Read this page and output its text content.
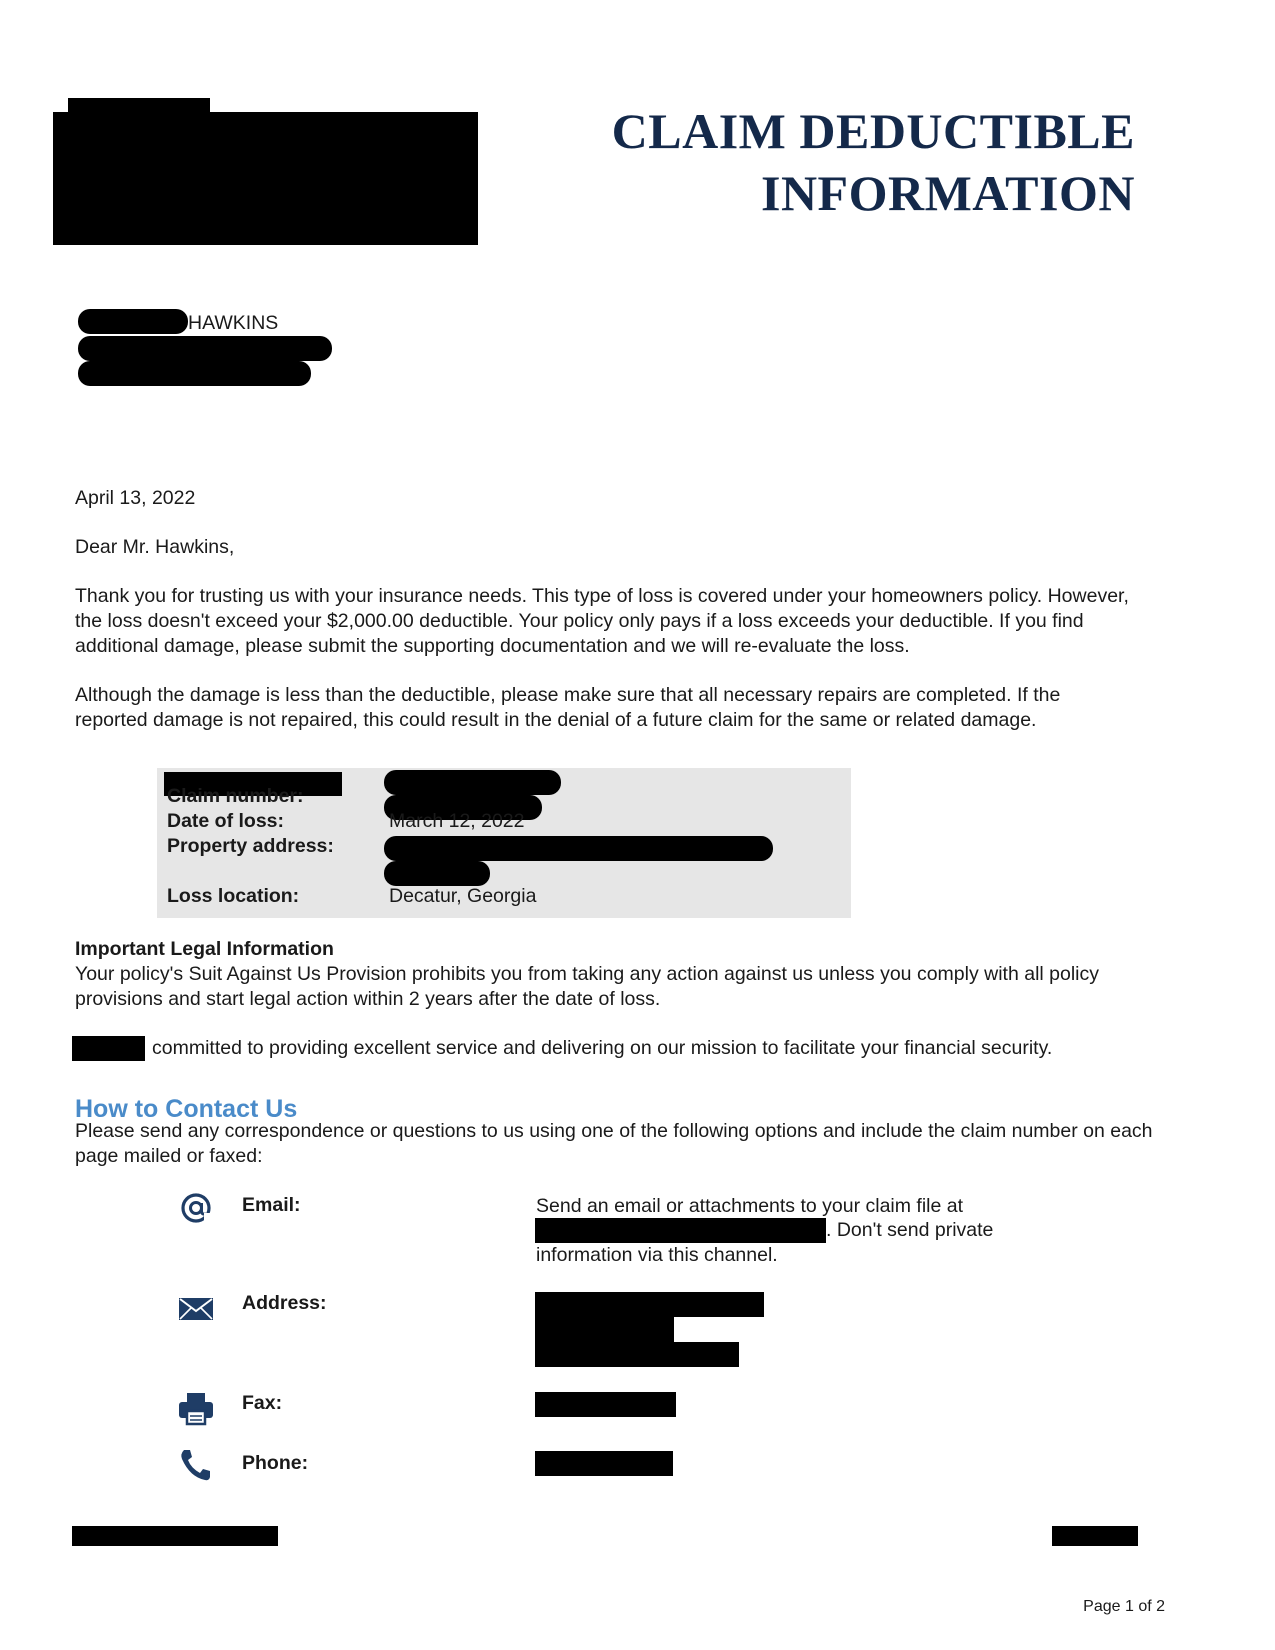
CLAIM DEDUCTIBLE
INFORMATION
HAWKINS
April 13, 2022
Dear Mr. Hawkins,
Thank you for trusting us with your insurance needs. This type of loss is covered under your homeowners policy. However, the loss doesn't exceed your $2,000.00 deductible. Your policy only pays if a loss exceeds your deductible. If you find additional damage, please submit the supporting documentation and we will re-evaluate the loss.
Although the damage is less than the deductible, please make sure that all necessary repairs are completed. If the reported damage is not repaired, this could result in the denial of a future claim for the same or related damage.
Claim number:
Date of loss:	March 12, 2022
Property address:
Loss location:	Decatur, Georgia
Important Legal Information
Your policy's Suit Against Us Provision prohibits you from taking any action against us unless you comply with all policy provisions and start legal action within 2 years after the date of loss.
committed to providing excellent service and delivering on our mission to facilitate your financial security.
How to Contact Us
Please send any correspondence or questions to us using one of the following options and include the claim number on each page mailed or faxed:
Email:	Send an email or attachments to your claim file at
. Don't send private
information via this channel.
Address:
Fax:
Phone:
Page 1 of 2
